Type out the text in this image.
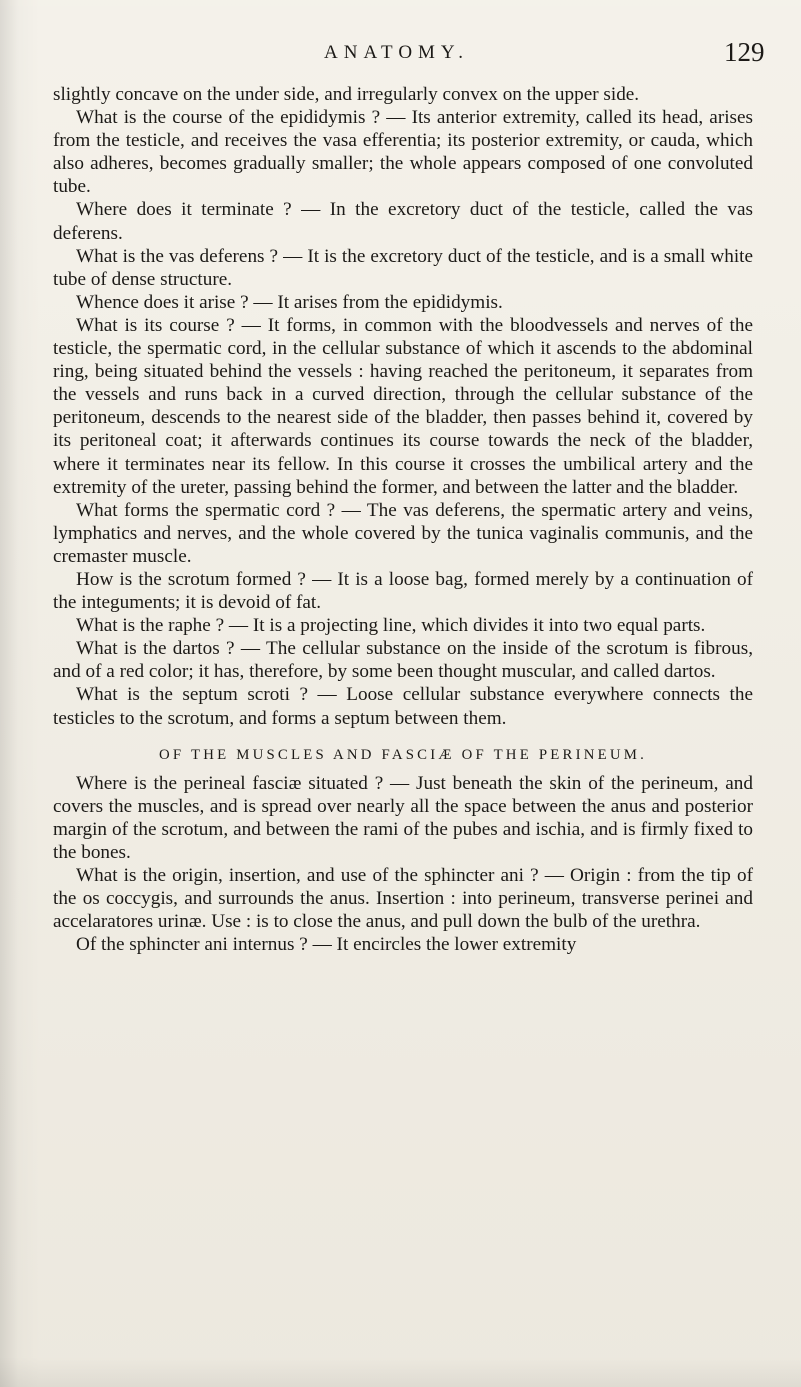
ANATOMY.	129

slightly concave on the under side, and irregularly convex on the upper side.

What is the course of the epididymis ? — Its anterior extremity, called its head, arises from the testicle, and receives the vasa efferentia; its posterior extremity, or cauda, which also adheres, becomes gradually smaller; the whole appears composed of one convoluted tube.

Where does it terminate ? — In the excretory duct of the testicle, called the vas deferens.

What is the vas deferens ? — It is the excretory duct of the testicle, and is a small white tube of dense structure.

Whence does it arise ? — It arises from the epididymis.

What is its course ? — It forms, in common with the bloodvessels and nerves of the testicle, the spermatic cord, in the cellular substance of which it ascends to the abdominal ring, being situated behind the vessels : having reached the peritoneum, it separates from the vessels and runs back in a curved direction, through the cellular substance of the peritoneum, descends to the nearest side of the bladder, then passes behind it, covered by its peritoneal coat; it afterwards continues its course towards the neck of the bladder, where it terminates near its fellow. In this course it crosses the umbilical artery and the extremity of the ureter, passing behind the former, and between the latter and the bladder.

What forms the spermatic cord ? — The vas deferens, the spermatic artery and veins, lymphatics and nerves, and the whole covered by the tunica vaginalis communis, and the cremaster muscle.

How is the scrotum formed ? — It is a loose bag, formed merely by a continuation of the integuments; it is devoid of fat.

What is the raphe ? — It is a projecting line, which divides it into two equal parts.

What is the dartos ? — The cellular substance on the inside of the scrotum is fibrous, and of a red color; it has, therefore, by some been thought muscular, and called dartos.

What is the septum scroti ? — Loose cellular substance everywhere connects the testicles to the scrotum, and forms a septum between them.

OF THE MUSCLES AND FASCIÆ OF THE PERINEUM.

Where is the perineal fasciæ situated ? — Just beneath the skin of the perineum, and covers the muscles, and is spread over nearly all the space between the anus and posterior margin of the scrotum, and between the rami of the pubes and ischia, and is firmly fixed to the bones.

What is the origin, insertion, and use of the sphincter ani ? — Origin : from the tip of the os coccygis, and surrounds the anus. Insertion : into perineum, transverse perinei and accelaratores urinæ. Use : is to close the anus, and pull down the bulb of the urethra.

Of the sphincter ani internus ? — It encircles the lower extremity
